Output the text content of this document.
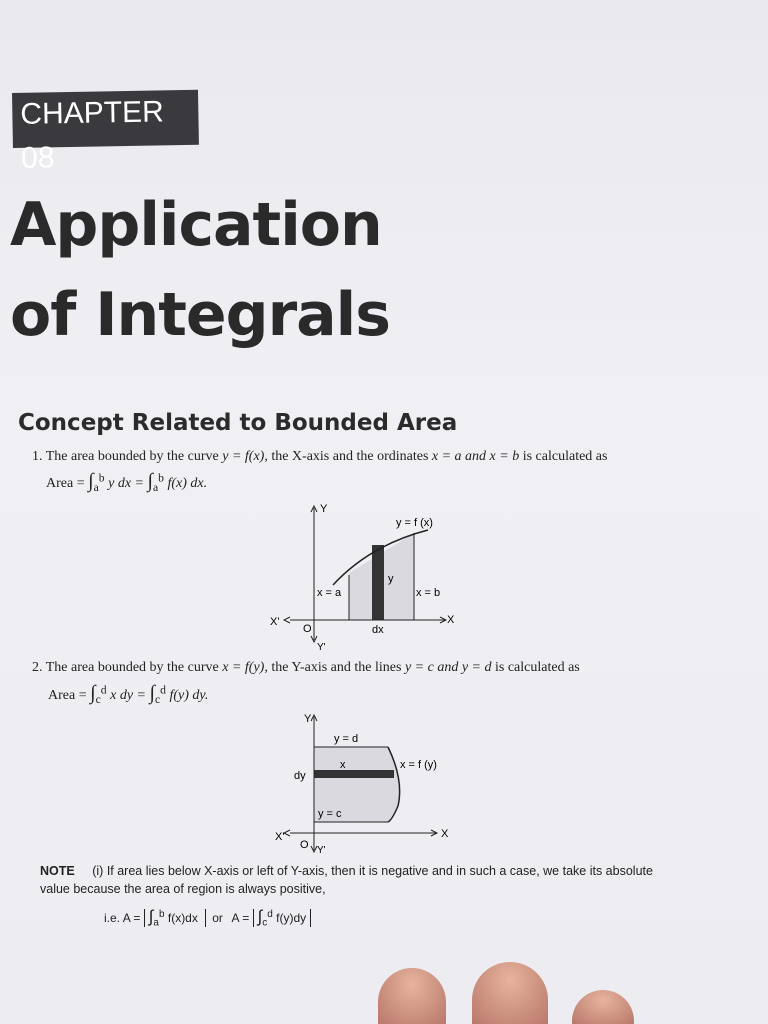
CHAPTER 08
Application
of Integrals
Concept Related to Bounded Area
1. The area bounded by the curve y = f(x), the X-axis and the ordinates x = a and x = b is calculated as
Area = $\int_a^b$ y dx = $\int_a^b$ f(x) dx.
Y
X
X'
Y'
O
y = f (x)
x = a	x = b
y
dx
Y
X
X'
Y'
O
y = d
y = c
x = f (y)
x
dy
2. The area bounded by the curve x = f(y), the Y-axis and the lines y = c and y = d is calculated as
Area = $\int_c^d$ x dy = $\int_c^d$ f(y) dy.
NOTE (i) If area lies below X-axis or left of Y-axis, then it is negative and in such a case, we take its absolute value because the area of region is always positive,
i.e. $A = \int_a^b$ f(x)dx or $A = \int_c^d$ f(y)dy
